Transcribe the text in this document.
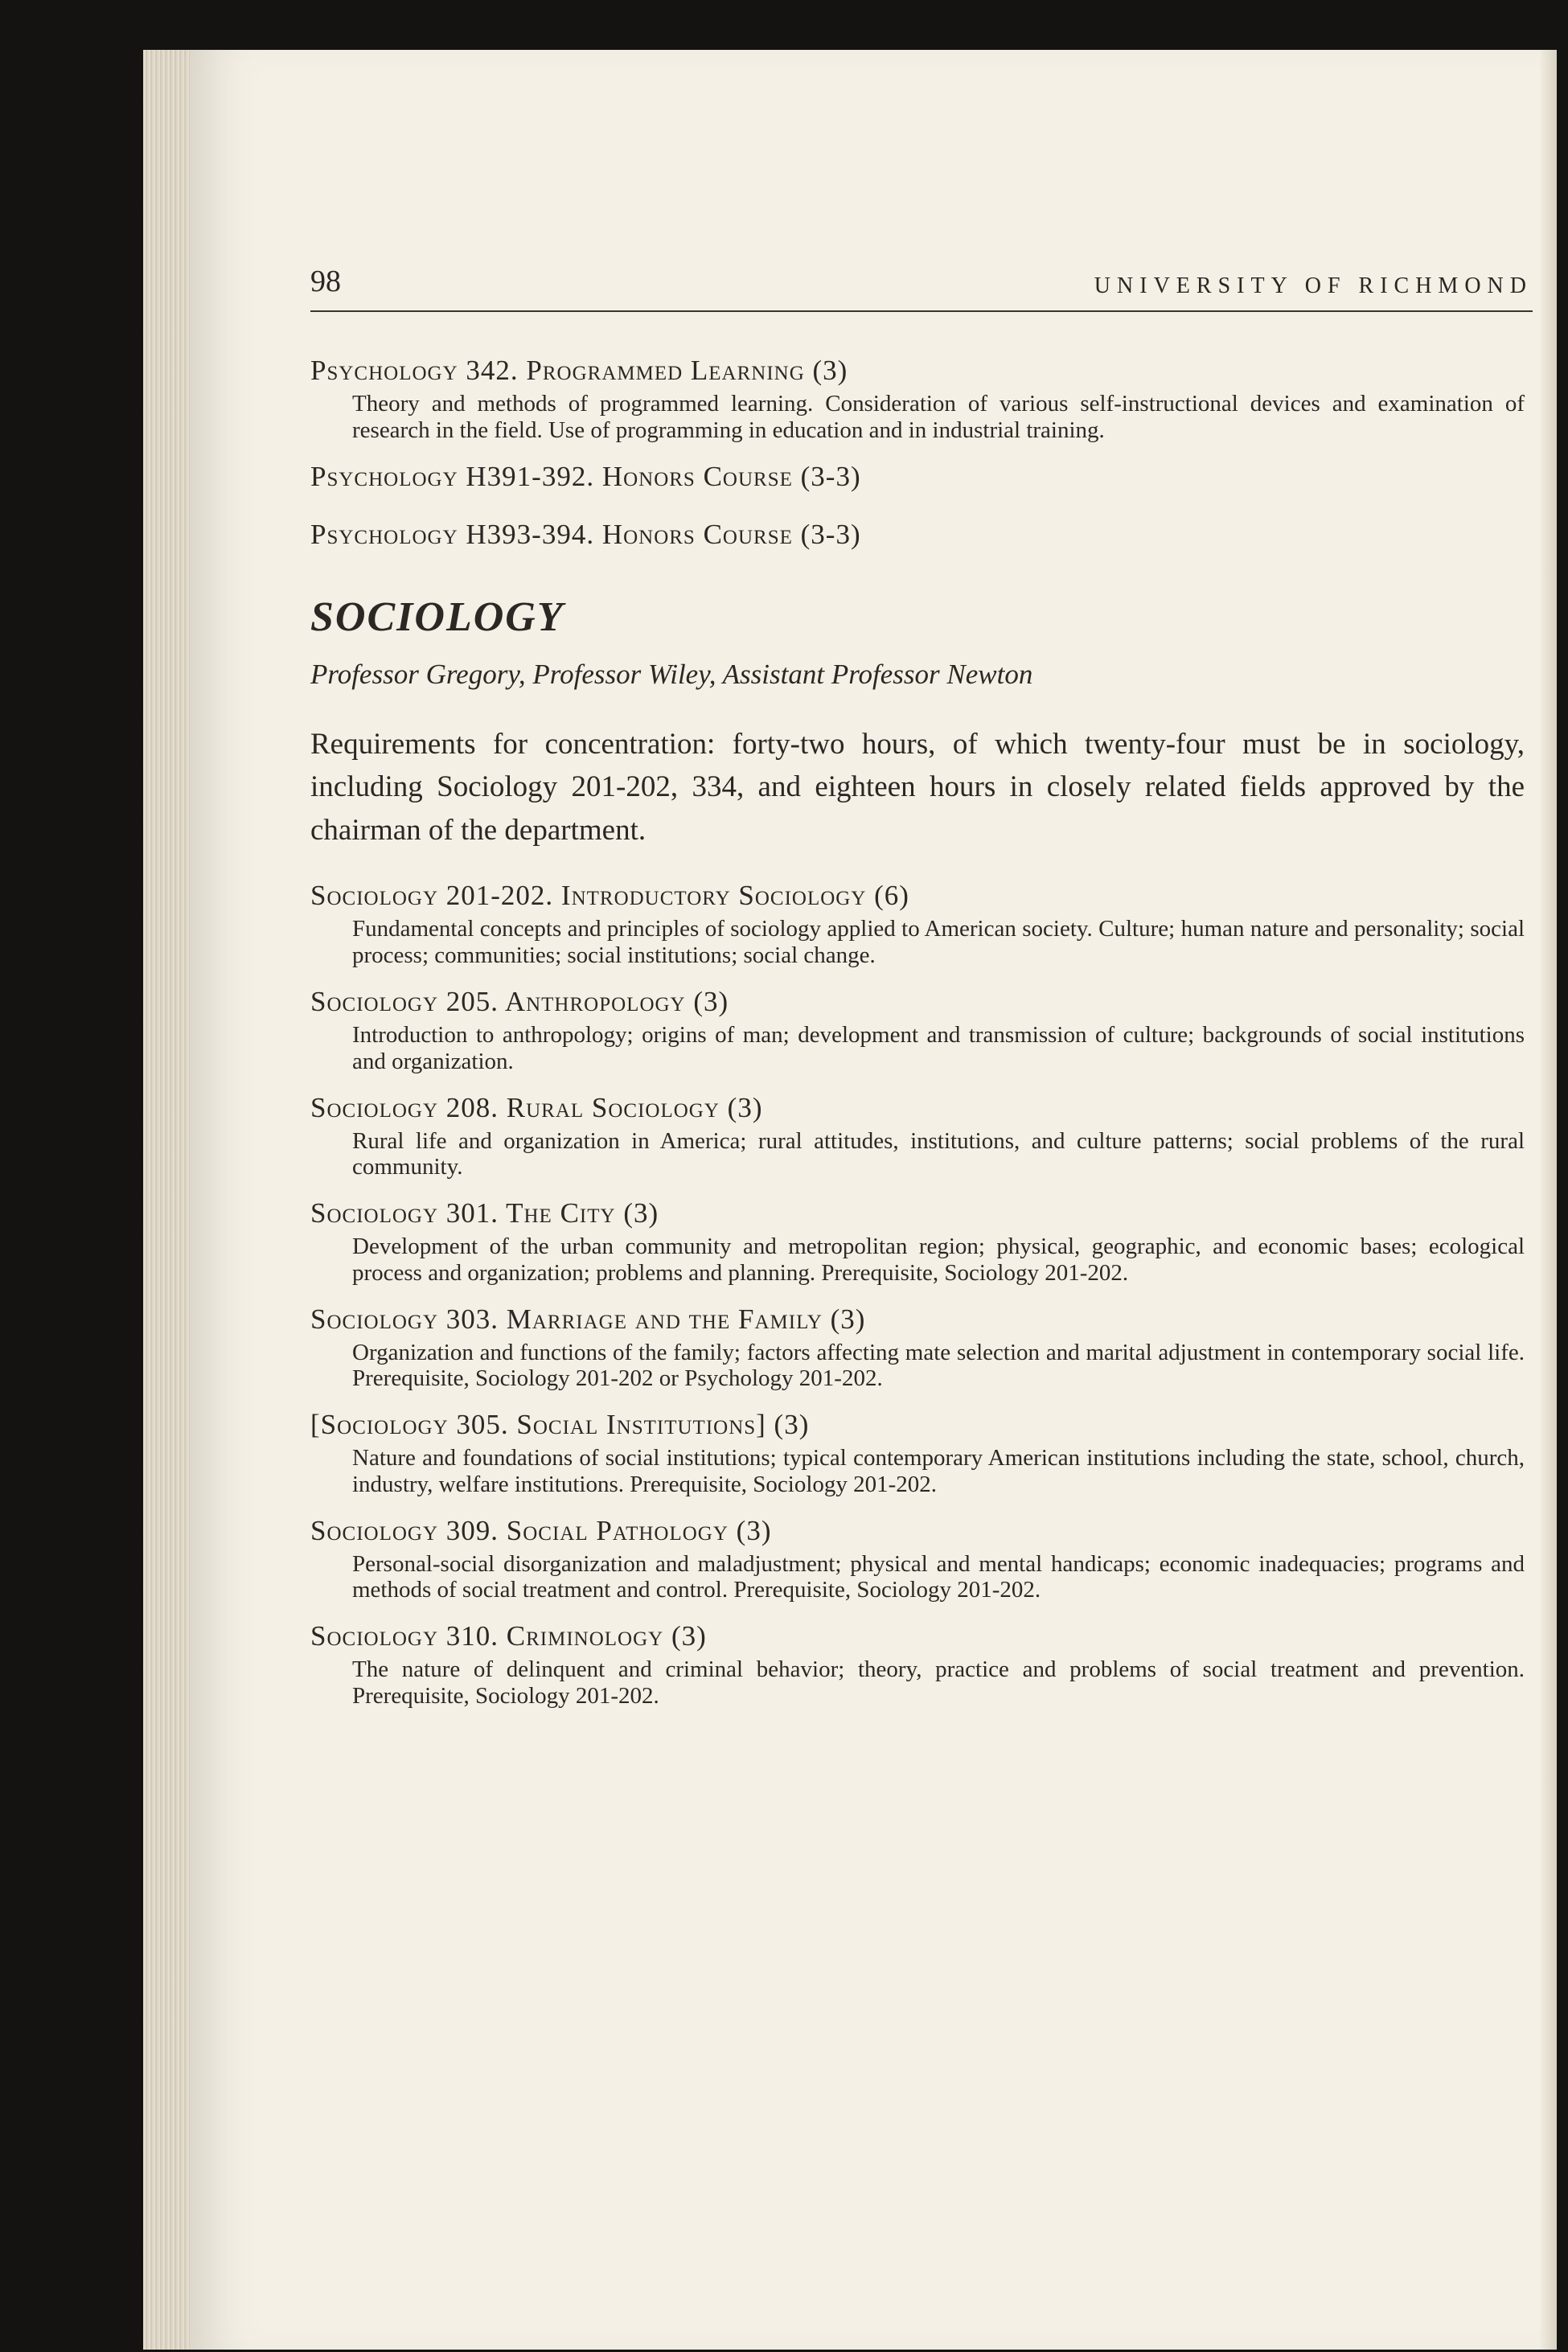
98	UNIVERSITY OF RICHMOND

Psychology 342. Programmed Learning (3)

Theory and methods of programmed learning. Consideration of various self-instructional devices and examination of research in the field. Use of programming in education and in industrial training.

Psychology H391-392. Honors Course (3-3)

Psychology H393-394. Honors Course (3-3)

SOCIOLOGY

Professor Gregory, Professor Wiley, Assistant Professor Newton

Requirements for concentration: forty-two hours, of which twenty-four must be in sociology, including Sociology 201-202, 334, and eighteen hours in closely related fields approved by the chairman of the department.

Sociology 201-202. Introductory Sociology (6)

Fundamental concepts and principles of sociology applied to American society. Culture; human nature and personality; social process; communities; social institutions; social change.

Sociology 205. Anthropology (3)

Introduction to anthropology; origins of man; development and transmission of culture; backgrounds of social institutions and organization.

Sociology 208. Rural Sociology (3)

Rural life and organization in America; rural attitudes, institutions, and culture patterns; social problems of the rural community.

Sociology 301. The City (3)

Development of the urban community and metropolitan region; physical, geographic, and economic bases; ecological process and organization; problems and planning. Prerequisite, Sociology 201-202.

Sociology 303. Marriage and the Family (3)

Organization and functions of the family; factors affecting mate selection and marital adjustment in contemporary social life. Prerequisite, Sociology 201-202 or Psychology 201-202.

[Sociology 305. Social Institutions] (3)

Nature and foundations of social institutions; typical contemporary American institutions including the state, school, church, industry, welfare institutions. Prerequisite, Sociology 201-202.

Sociology 309. Social Pathology (3)

Personal-social disorganization and maladjustment; physical and mental handicaps; economic inadequacies; programs and methods of social treatment and control. Prerequisite, Sociology 201-202.

Sociology 310. Criminology (3)

The nature of delinquent and criminal behavior; theory, practice and problems of social treatment and prevention. Prerequisite, Sociology 201-202.
